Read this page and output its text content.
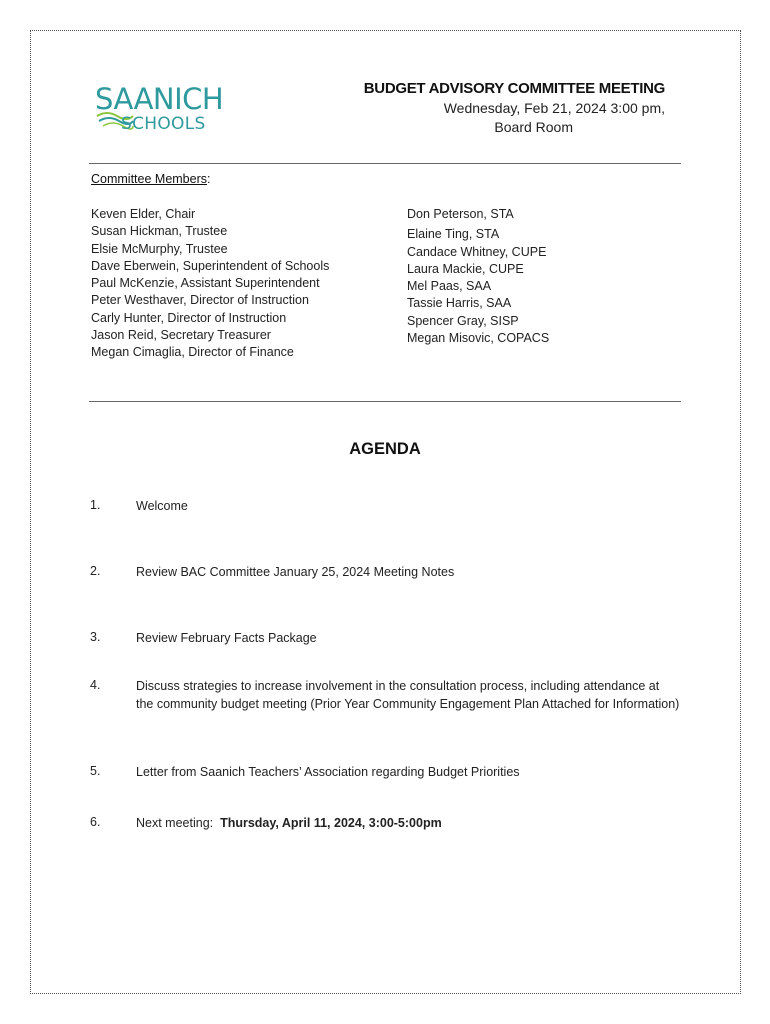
SAANICH
SCHOOLS
BUDGET ADVISORY COMMITTEE MEETING
Wednesday, Feb 21, 2024 3:00 pm,
Board Room
Committee Members:
Keven Elder, Chair
Susan Hickman, Trustee
Elsie McMurphy, Trustee
Dave Eberwein, Superintendent of Schools
Paul McKenzie, Assistant Superintendent
Peter Westhaver, Director of Instruction
Carly Hunter, Director of Instruction
Jason Reid, Secretary Treasurer
Megan Cimaglia, Director of Finance
Don Peterson, STA
Elaine Ting, STA
Candace Whitney, CUPE
Laura Mackie, CUPE
Mel Paas, SAA
Tassie Harris, SAA
Spencer Gray, SISP
Megan Misovic, COPACS
AGENDA
1.	Welcome
2.	Review BAC Committee January 25, 2024 Meeting Notes
3.	Review February Facts Package
4.	Discuss strategies to increase involvement in the consultation process, including attendance at the community budget meeting (Prior Year Community Engagement Plan Attached for Information)
5.	Letter from Saanich Teachers’ Association regarding Budget Priorities
6.	Next meeting: Thursday, April 11, 2024, 3:00-5:00pm
